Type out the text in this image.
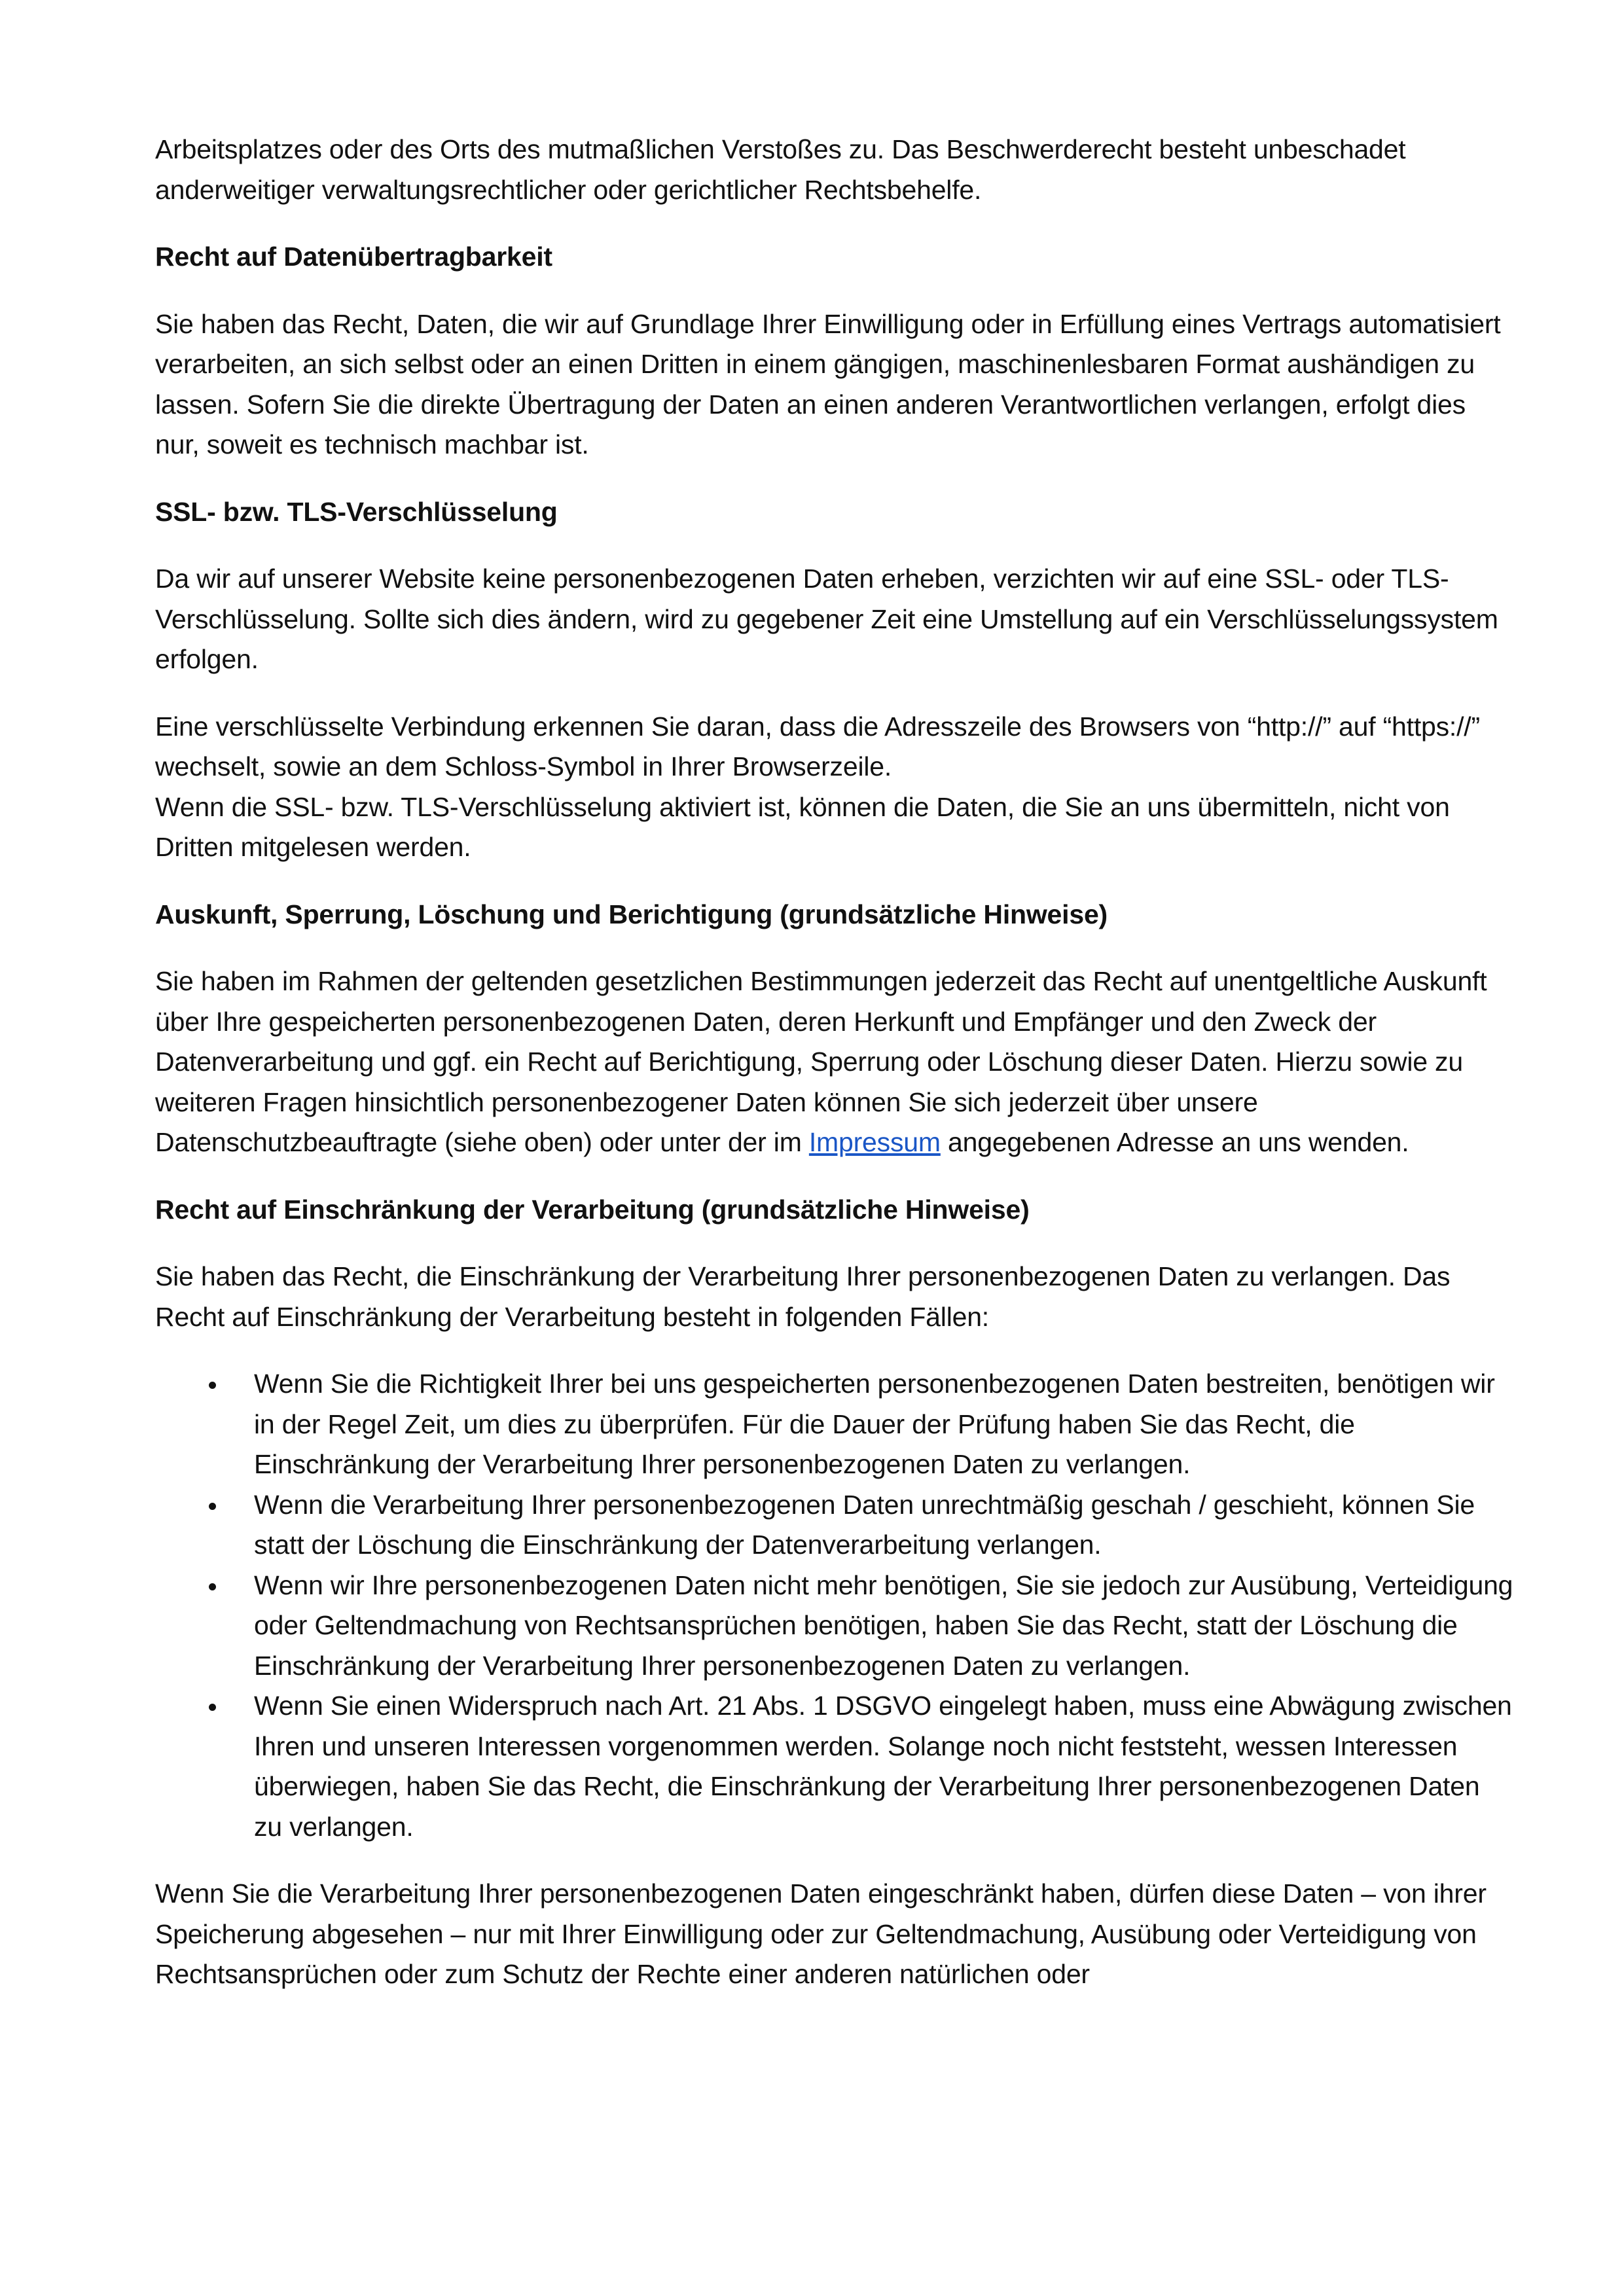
Arbeitsplatzes oder des Orts des mutmaßlichen Verstoßes zu. Das Beschwerderecht besteht unbeschadet anderweitiger verwaltungsrechtlicher oder gerichtlicher Rechtsbehelfe.

Recht auf Datenübertragbarkeit

Sie haben das Recht, Daten, die wir auf Grundlage Ihrer Einwilligung oder in Erfüllung eines Vertrags automatisiert verarbeiten, an sich selbst oder an einen Dritten in einem gängigen, maschinenlesbaren Format aushändigen zu lassen. Sofern Sie die direkte Übertragung der Daten an einen anderen Verantwortlichen verlangen, erfolgt dies nur, soweit es technisch machbar ist.

SSL- bzw. TLS-Verschlüsselung

Da wir auf unserer Website keine personenbezogenen Daten erheben, verzichten wir auf eine SSL- oder TLS-Verschlüsselung. Sollte sich dies ändern, wird zu gegebener Zeit eine Umstellung auf ein Verschlüsselungssystem erfolgen.

Eine verschlüsselte Verbindung erkennen Sie daran, dass die Adresszeile des Browsers von “http://” auf “https://” wechselt, sowie an dem Schloss-Symbol in Ihrer Browserzeile.

Wenn die SSL- bzw. TLS-Verschlüsselung aktiviert ist, können die Daten, die Sie an uns übermitteln, nicht von Dritten mitgelesen werden.

Auskunft, Sperrung, Löschung und Berichtigung (grundsätzliche Hinweise)

Sie haben im Rahmen der geltenden gesetzlichen Bestimmungen jederzeit das Recht auf unentgeltliche Auskunft über Ihre gespeicherten personenbezogenen Daten, deren Herkunft und Empfänger und den Zweck der Datenverarbeitung und ggf. ein Recht auf Berichtigung, Sperrung oder Löschung dieser Daten. Hierzu sowie zu weiteren Fragen hinsichtlich personenbezogener Daten können Sie sich jederzeit über unsere Datenschutzbeauftragte (siehe oben) oder unter der im Impressum angegebenen Adresse an uns wenden.

Recht auf Einschränkung der Verarbeitung (grundsätzliche Hinweise)

Sie haben das Recht, die Einschränkung der Verarbeitung Ihrer personenbezogenen Daten zu verlangen. Das Recht auf Einschränkung der Verarbeitung besteht in folgenden Fällen:

Wenn Sie die Richtigkeit Ihrer bei uns gespeicherten personenbezogenen Daten bestreiten, benötigen wir in der Regel Zeit, um dies zu überprüfen. Für die Dauer der Prüfung haben Sie das Recht, die Einschränkung der Verarbeitung Ihrer personenbezogenen Daten zu verlangen.
Wenn die Verarbeitung Ihrer personenbezogenen Daten unrechtmäßig geschah / geschieht, können Sie statt der Löschung die Einschränkung der Datenverarbeitung verlangen.
Wenn wir Ihre personenbezogenen Daten nicht mehr benötigen, Sie sie jedoch zur Ausübung, Verteidigung oder Geltendmachung von Rechtsansprüchen benötigen, haben Sie das Recht, statt der Löschung die Einschränkung der Verarbeitung Ihrer personenbezogenen Daten zu verlangen.
Wenn Sie einen Widerspruch nach Art. 21 Abs. 1 DSGVO eingelegt haben, muss eine Abwägung zwischen Ihren und unseren Interessen vorgenommen werden. Solange noch nicht feststeht, wessen Interessen überwiegen, haben Sie das Recht, die Einschränkung der Verarbeitung Ihrer personenbezogenen Daten zu verlangen.

Wenn Sie die Verarbeitung Ihrer personenbezogenen Daten eingeschränkt haben, dürfen diese Daten – von ihrer Speicherung abgesehen – nur mit Ihrer Einwilligung oder zur Geltendmachung, Ausübung oder Verteidigung von Rechtsansprüchen oder zum Schutz der Rechte einer anderen natürlichen oder
